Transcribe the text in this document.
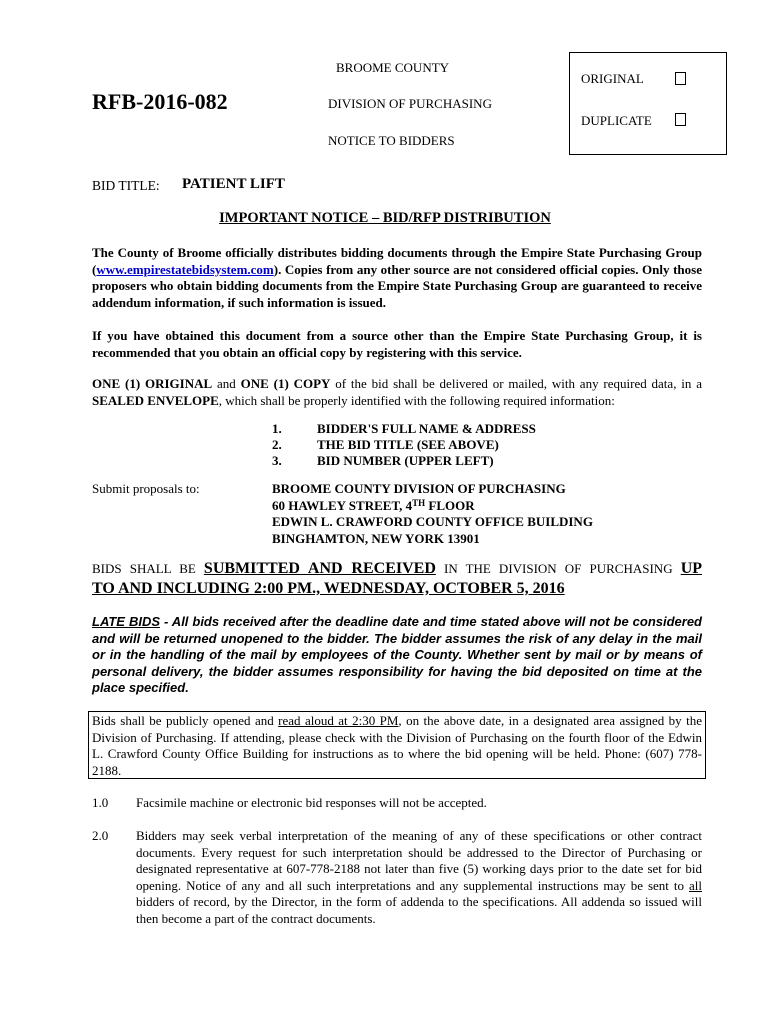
BROOME COUNTY
RFB-2016-082	DIVISION OF PURCHASING
NOTICE TO BIDDERS
ORIGINAL
DUPLICATE
BID TITLE: PATIENT LIFT
IMPORTANT NOTICE – BID/RFP DISTRIBUTION
The County of Broome officially distributes bidding documents through the Empire State Purchasing Group (www.empirestatebidsystem.com). Copies from any other source are not considered official copies. Only those proposers who obtain bidding documents from the Empire State Purchasing Group are guaranteed to receive addendum information, if such information is issued.
If you have obtained this document from a source other than the Empire State Purchasing Group, it is recommended that you obtain an official copy by registering with this service.
ONE (1) ORIGINAL and ONE (1) COPY of the bid shall be delivered or mailed, with any required data, in a SEALED ENVELOPE, which shall be properly identified with the following required information:
1.	BIDDER'S FULL NAME & ADDRESS
2.	THE BID TITLE (SEE ABOVE)
3.	BID NUMBER (UPPER LEFT)
Submit proposals to:	BROOME COUNTY DIVISION OF PURCHASING
60 HAWLEY STREET, 4TH FLOOR
EDWIN L. CRAWFORD COUNTY OFFICE BUILDING
BINGHAMTON, NEW YORK 13901
BIDS SHALL BE SUBMITTED AND RECEIVED IN THE DIVISION OF PURCHASING UP
TO AND INCLUDING 2:00 PM., WEDNESDAY, OCTOBER 5, 2016
LATE BIDS - All bids received after the deadline date and time stated above will not be considered and will be returned unopened to the bidder. The bidder assumes the risk of any delay in the mail or in the handling of the mail by employees of the County. Whether sent by mail or by means of personal delivery, the bidder assumes responsibility for having the bid deposited on time at the place specified.
Bids shall be publicly opened and read aloud at 2:30 PM, on the above date, in a designated area assigned by the Division of Purchasing. If attending, please check with the Division of Purchasing on the fourth floor of the Edwin L. Crawford County Office Building for instructions as to where the bid opening will be held. Phone: (607) 778-2188.
1.0 Facsimile machine or electronic bid responses will not be accepted.
2.0 Bidders may seek verbal interpretation of the meaning of any of these specifications or other contract documents. Every request for such interpretation should be addressed to the Director of Purchasing or designated representative at 607-778-2188 not later than five (5) working days prior to the date set for bid opening. Notice of any and all such interpretations and any supplemental instructions may be sent to all bidders of record, by the Director, in the form of addenda to the specifications. All addenda so issued will then become a part of the contract documents.
